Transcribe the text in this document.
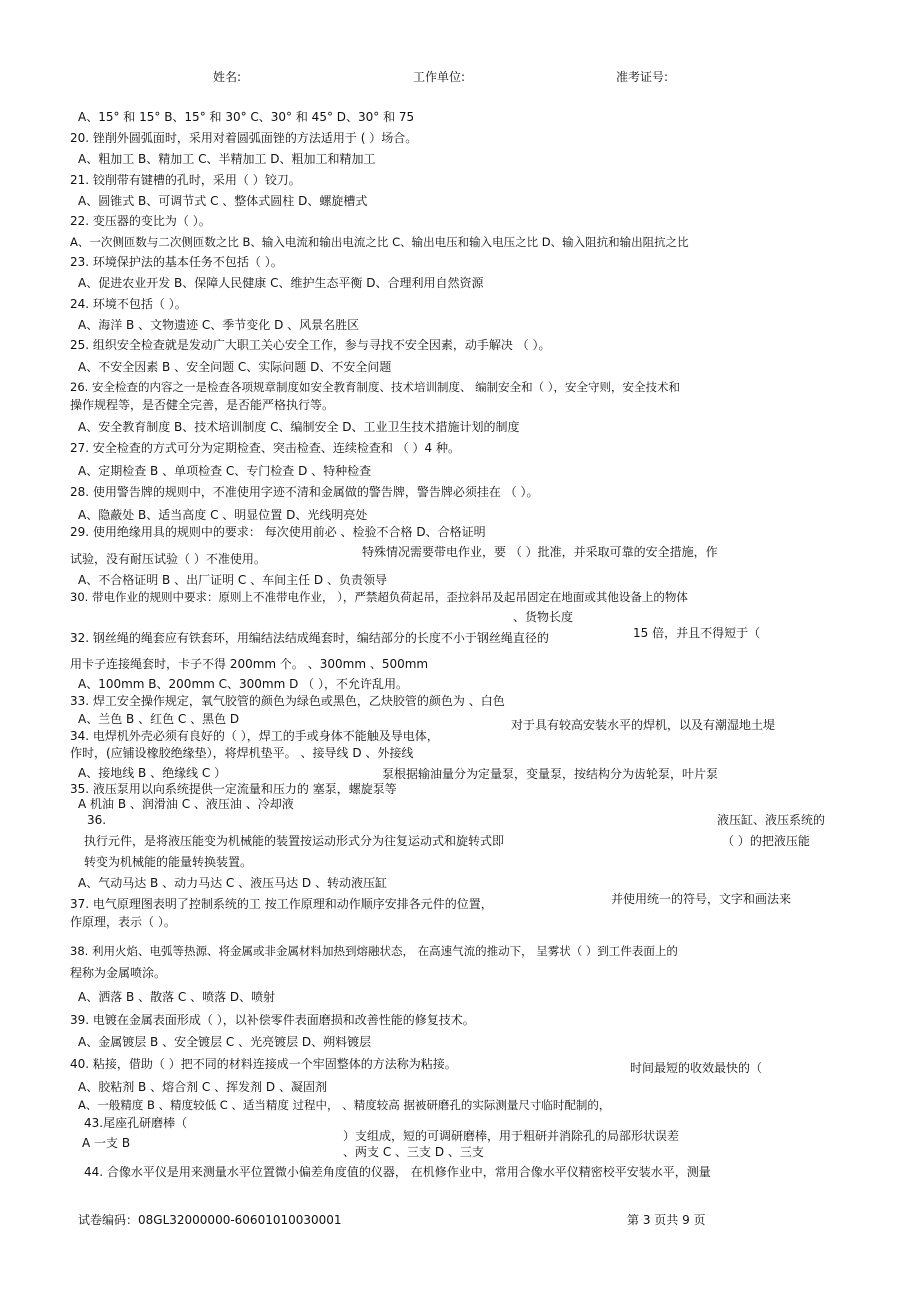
姓名:	工作单位:	准考证号:
A、15° 和 15° B、15° 和 30° C、30° 和 45° D、30° 和 75
20. 锉削外圆弧面时，采用对着圆弧面锉的方法适用于 ( ）场合。
A、粗加工 B、精加工 C、半精加工 D、粗加工和精加工
21. 铰削带有键槽的孔时，采用（ ）铰刀。
A、圆锥式 B、可调节式 C 、整体式圆柱 D、螺旋槽式
22. 变压器的变比为（ ）。
A、一次侧匝数与二次侧匝数之比 B、输入电流和输出电流之比 C、输出电压和输入电压之比 D、输入阻抗和输出阻抗之比
23. 环境保护法的基本任务不包括（ ）。
A、促进农业开发 B、保障人民健康 C、维护生态平衡 D、合理利用自然资源
24. 环境不包括（ ）。
A、海洋 B 、文物遗迹 C、季节变化 D 、风景名胜区
25. 组织安全检查就是发动广大职工关心安全工作，参与寻找不安全因素，动手解决 （ ）。
A、不安全因素 B 、安全问题 C、实际问题 D、不安全问题
26. 安全检查的内容之一是检查各项规章制度如安全教育制度、技术培训制度、 编制安全和（ ），安全守则，安全技术和
操作规程等，是否健全完善，是否能严格执行等。
A、安全教育制度 B、技术培训制度 C、编制安全 D、工业卫生技术措施计划的制度
27. 安全检查的方式可分为定期检查、突击检查、连续检查和 （ ）4 种。
A、定期检查 B 、单项检查 C、专门检查 D 、特种检查
28. 使用警告牌的规则中，不准使用字迹不清和金属做的警告牌，警告牌必须挂在 （ ）。
A、隐蔽处 B、适当高度 C 、明显位置 D、光线明亮处
29. 使用绝缘用具的规则中的要求： 每次使用前必 、检验不合格 D、合格证明
试验，没有耐压试验（ ）不准使用。
A、不合格证明 B 、出厂证明 C 、车间主任 D 、负责领导
30. 带电作业的规则中要求：原则上不准带电作业， ），严禁超负荷起吊，歪拉斜吊及起吊固定在地面或其他设备上的物体
、货物长度
32. 钢丝绳的绳套应有铁套环，用编结法结成绳套时，编结部分的长度不小于钢丝绳直径的	15 倍，并且不得短于（
用卡子连接绳套时，卡子不得 200mm 个。 、300mm 、500mm
A、100mm B、200mm C、300mm D （ ），不允许乱用。
33. 焊工安全操作规定，氧气胶管的颜色为绿色或黑色，乙炔胶管的颜色为 、白色
A、兰色 B 、红色 C 、黑色 D
34. 电焊机外壳必须有良好的（ ），焊工的手或身体不能触及导电体，
作时，(应铺设橡胶绝缘垫），将焊机垫平。 、接导线 D 、外接线
A、接地线 B 、绝缘线 C ）
35. 液压泵用以向系统提供一定流量和压力的 塞泵，螺旋泵等
A 机油 B 、润滑油 C 、液压油 、冷却液
36.	液压缸、液压系统的
执行元件，是将液压能变为机械能的装置按运动形式分为往复运动式和旋转式即	（ ）的把液压能
转变为机械能的能量转换装置。
A、气动马达 B 、动力马达 C 、液压马达 D 、转动液压缸
37. 电气原理图表明了控制系统的工 按工作原理和动作顺序安排各元件的位置，	并使用统一的符号，文字和画法来
作原理，表示（ ）。
38. 利用火焰、电弧等热源、将金属或非金属材料加热到熔融状态， 在高速气流的推动下， 呈雾状（ ）到工件表面上的
程称为金属喷涂。
A、洒落 B 、散落 C 、喷落 D、喷射
39. 电镀在金属表面形成（ ），以补偿零件表面磨损和改善性能的修复技术。
A、金属镀层 B 、安全镀层 C 、光亮镀层 D、朔料镀层
40. 粘接，借助（ ）把不同的材料连接成一个牢固整体的方法称为粘接。	时间最短的收效最快的（
A、胶粘剂 B 、熔合剂 C 、挥发剂 D 、凝固剂
A、一般精度 B 、精度较低 C 、适当精度 过程中， 、精度较高 据被研磨孔的实际测量尺寸临时配制的，
43.尾座孔研磨棒（
A 一支 B	）支组成，短的可调研磨棒，用于粗研并消除孔的局部形状误差
、两支 C 、三支 D 、三支
44. 合像水平仪是用来测量水平位置微小偏差角度值的仪器， 在机修作业中，常用合像水平仪精密校平安装水平，测量
对于具有较高安装水平的焊机，以及有潮湿地土堤
泵根据输油量分为定量泵，变量泵，按结构分为齿轮泵，叶片泵
特殊情况需要带电作业，要 （ ）批准，并采取可靠的安全措施，作
试卷编码：08GL32000000-60601010030001	第 3 页共 9 页
